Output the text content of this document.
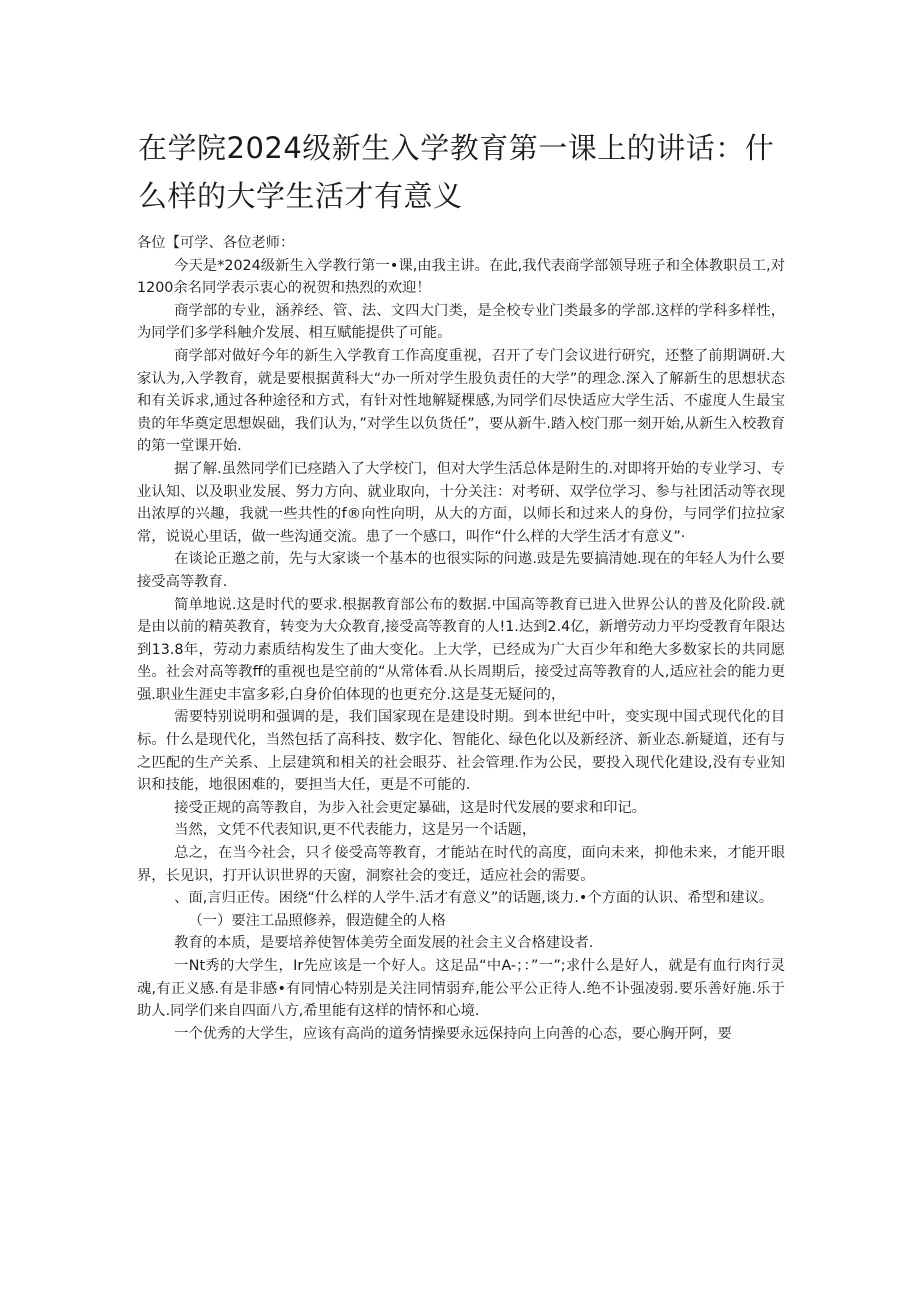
在学院2024级新生入学教育第一课上的讲话：什么样的大学生活才有意义

各位【可学、各位老师：

今天是*2024级新生入学教行第一•课,由我主讲。在此,我代表商学部领导班子和全体教职员工,对1200余名同学表示衷心的祝贺和热烈的欢迎！

商学部的专业，涵养经、管、法、文四大门类，是全校专业门类最多的学部.这样的学科多样性，为同学们多学科触介发展、相互赋能提供了可能。

商学部对做好今年的新生入学教育工作高度重视，召开了专门会议进行研究，还整了前期调研.大家认为,入学教育，就是要根据黄科大“办一所对学生股负责任的大学”的理念.深入了解新生的思想状态和有关诉求,通过各种途径和方式，有针对性地解疑棵感,为同学们尽快适应大学生活、不虚度人生最宝贵的年华奠定思想娱础，我们认为，”对学生以负货任”，要从新牛.踏入校门那一刻开始,从新生入校教育的第一堂课开始.

据了解.虽然同学们已痉踏入了大学校门，但对大学生活总体是附生的.对即将开始的专业学习、专业认知、以及职业发展、努力方向、就业取向，十分关注：对考研、双学位学习、参与社团活动等衣现出浓厚的兴趣，我就一些共性的f®向性向明，从大的方面，以师长和过来人的身份，与同学们拉拉家常，说说心里话，做一些沟通交流。患了一个感口，叫作“什么样的大学生活才有意义”·

在谈论正邀之前，先与大家谈一个基本的也很实际的问遨.豉是先要搞清她.现在的年轻人为什么要接受高等教育.

简单地说.这是时代的要求.根据教育部公布的数据.中国高等教育已进入世界公认的普及化阶段.就是由以前的精英教育，转变为大众教育,接受高等教育的人!1.达到2.4亿，新增劳动力平均受教育年限达到13.8年，劳动力素质结构发生了曲大变化。上大学，已经成为广大百少年和绝大多数家长的共同愿坐。社会对高等教ff的重视也是空前的“从常体看.从长周期后，接受过高等教育的人,适应社会的能力更强.职业生涯史丰富多彩,白身价伯体现的也更充分.这是芟无疑问的，

需要特别说明和强调的是，我们国家现在是建设时期。到本世纪中叶，变实现中国式现代化的目标。什么是现代化，当然包括了高科技、数字化、智能化、绿色化以及新经济、新业态.新疑道，还有与之匹配的生产关系、上层建筑和相关的社会眼芬、社会管理.作为公民，要投入现代化建设,没有专业知识和技能，地很困难的，要担当大任，更是不可能的.

接受正规的高等教自，为步入社会更定暴础，这是时代发展的要求和印记。

当然，文凭不代表知识,更不代表能力，这是另一个话题，

总之，在当今社会，只彳倿受高等教育，才能站在时代的高度，面向未来，抑他未来，才能开眼界，长见识，打开认识世界的天窗，洞察社会的变迁，适应社会的需要。

、面,言归正传。困绕“什么样的人学牛.活才有意义”的话题,谈力.•个方面的认识、希型和建议。

（一）要注工品照修养，假造健全的人格

教育的本质，是要培养使智体美劳全面发展的社会主义合格建设者.

一Nt秀的大学生，Ir先应该是一个好人。这足品“中A-；：”一”;求什么是好人，就是有血行肉行灵魂,有正义感.有是非感•有同情心特别是关注同情弱弃,能公平公正待人.绝不讣强凌弱.要乐善好施.乐于助人.同学们来自四面八方,希里能有这样的情怀和心境.

一个优秀的大学生，应该有高尚的道务情操要永远保持向上向善的心态，要心胸开阿，要
